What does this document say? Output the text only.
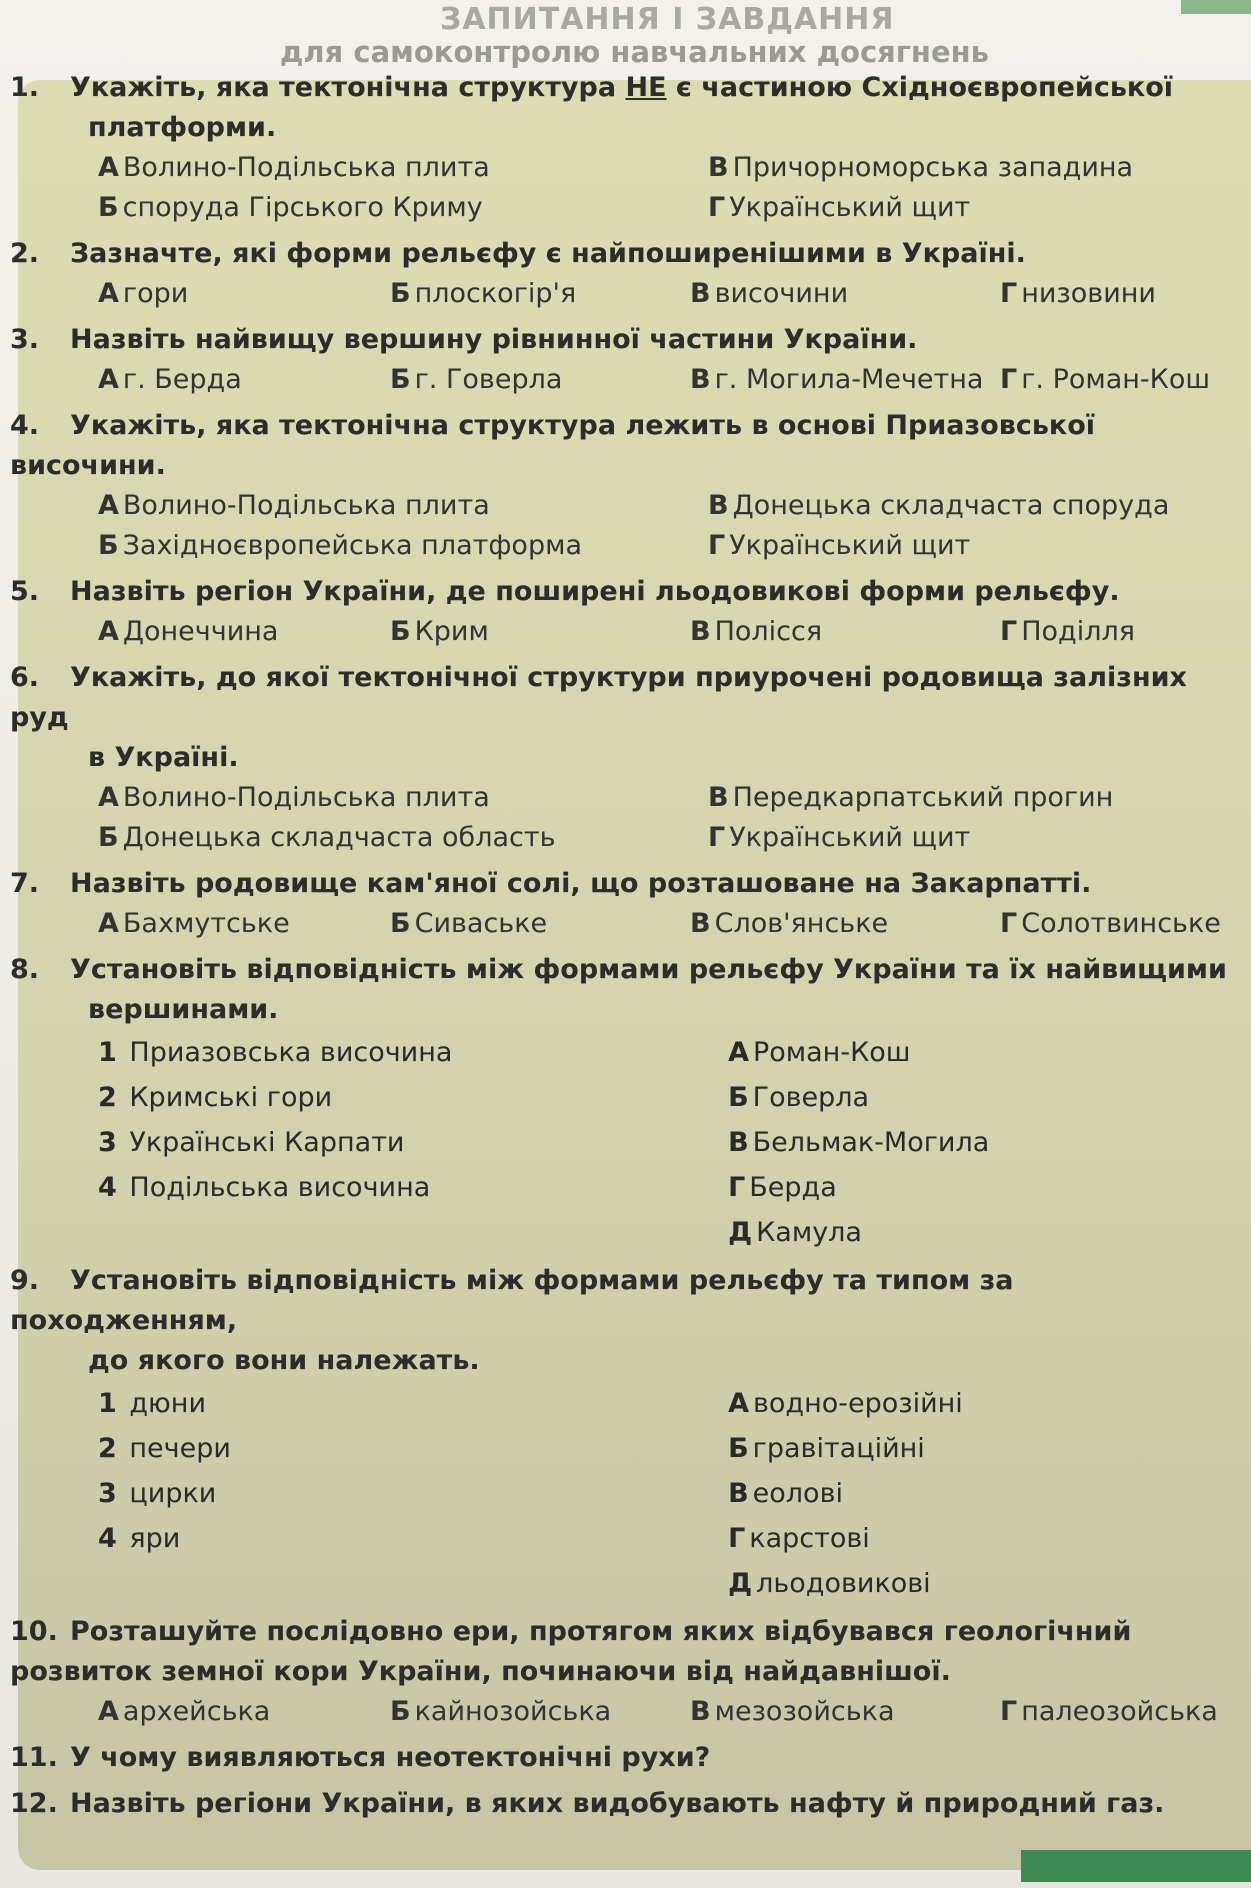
ЗАПИТАННЯ І ЗАВДАННЯ
для самоконтролю навчальних досягнень
1. Укажіть, яка тектонічна структура НЕ є частиною Східноєвропейської
платформи.
А Волино-Подільська плита	В Причорноморська западина
Б споруда Гірського Криму	Г Український щит
2. Зазначте, які форми рельєфу є найпоширенішими в Україні.
А гори	Б плоскогір'я	В височини	Г низовини
3. Назвіть найвищу вершину рівнинної частини України.
А г. Берда	Б г. Говерла	В г. Могила-Мечетна Г г. Роман-Кош
4. Укажіть, яка тектонічна структура лежить в основі Приазовської височини.
А Волино-Подільська плита	В Донецька складчаста споруда
Б Західноєвропейська платформа	Г Український щит
5. Назвіть регіон України, де поширені льодовикові форми рельєфу.
А Донеччина	Б Крим	В Полісся	Г Поділля
6. Укажіть, до якої тектонічної структури приурочені родовища залізних руд
в Україні.
А Волино-Подільська плита	В Передкарпатський прогин
Б Донецька складчаста область	Г Український щит
7. Назвіть родовище кам'яної солі, що розташоване на Закарпатті.
А Бахмутське	Б Сиваське	В Слов'янське	Г Солотвинське
8. Установіть відповідність між формами рельєфу України та їх найвищими
вершинами.
1 Приазовська височина
2 Кримські гори
3 Українські Карпати
4 Подільська височина
А Роман-Кош
Б Говерла
В Бельмак-Могила
Г Берда
Д Камула
9. Установіть відповідність між формами рельєфу та типом за походженням,
до якого вони належать.
1 дюни
2 печери
3 цирки
4 яри
А водно-ерозійні
Б гравітаційні
В еолові
Г карстові
Д льодовикові
10. Розташуйте послідовно ери, протягом яких відбувався геологічний розвиток земної кори України, починаючи від найдавнішої.
А архейська	Б кайнозойська	В мезозойська	Г палеозойська
11. У чому виявляються неотектонічні рухи?
12. Назвіть регіони України, в яких видобувають нафту й природний газ.
